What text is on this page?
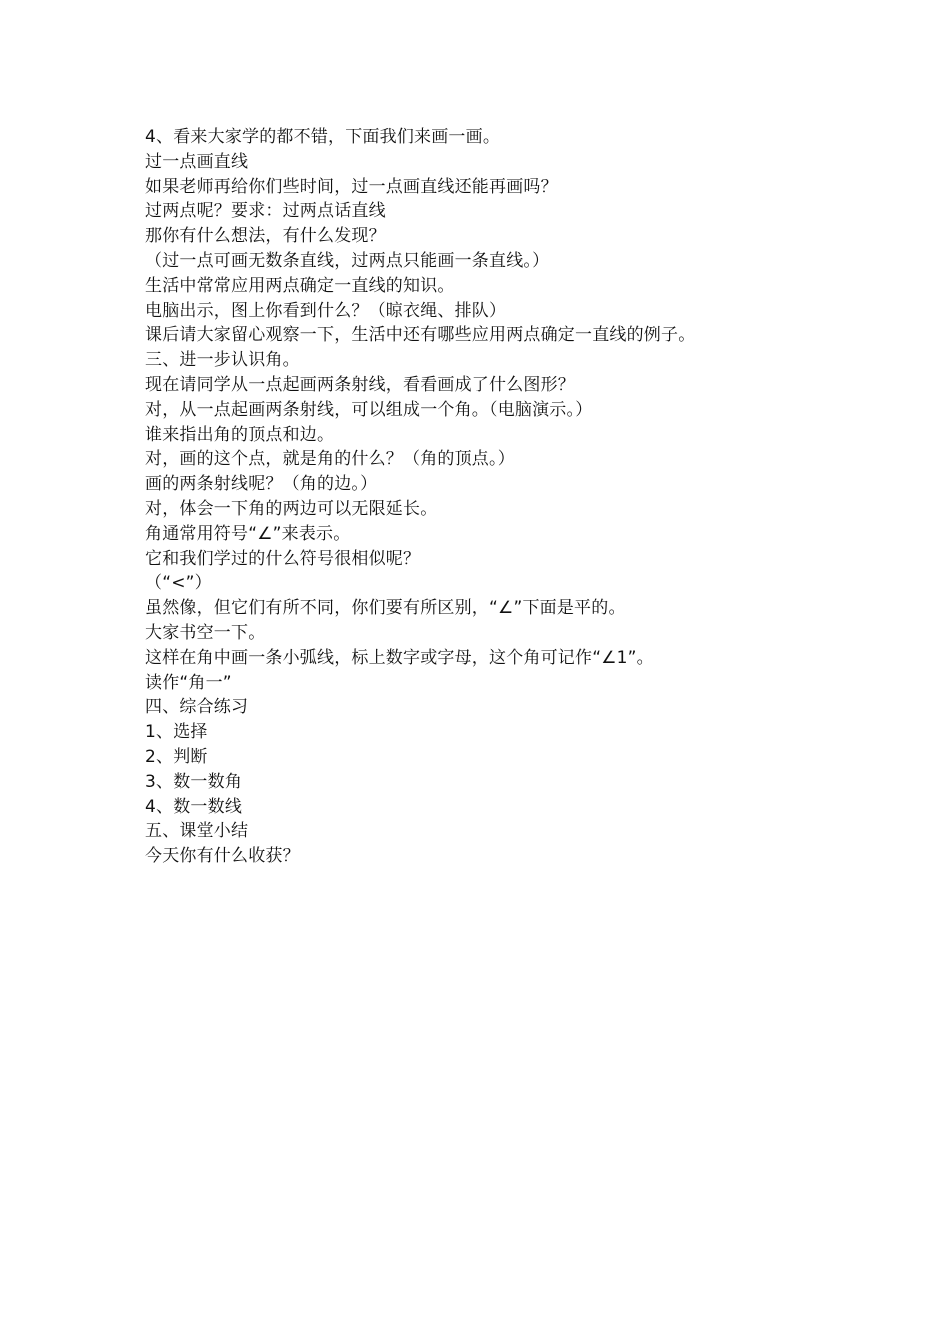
4、看来大家学的都不错，下面我们来画一画。
过一点画直线
如果老师再给你们些时间，过一点画直线还能再画吗？
过两点呢？要求：过两点话直线
那你有什么想法，有什么发现？
（过一点可画无数条直线，过两点只能画一条直线。）
生活中常常应用两点确定一直线的知识。
电脑出示，图上你看到什么？（晾衣绳、排队）
课后请大家留心观察一下，生活中还有哪些应用两点确定一直线的例子。
三、进一步认识角。
现在请同学从一点起画两条射线，看看画成了什么图形？
对，从一点起画两条射线，可以组成一个角。（电脑演示。）
谁来指出角的顶点和边。
对，画的这个点，就是角的什么？（角的顶点。）
画的两条射线呢？（角的边。）
对，体会一下角的两边可以无限延长。
角通常用符号“∠”来表示。
它和我们学过的什么符号很相似呢？
（“<”）
虽然像，但它们有所不同，你们要有所区别，“∠”下面是平的。
大家书空一下。
这样在角中画一条小弧线，标上数字或字母，这个角可记作“∠1”。
读作“角一”
四、综合练习
1、选择
2、判断
3、数一数角
4、数一数线
五、课堂小结
今天你有什么收获？
